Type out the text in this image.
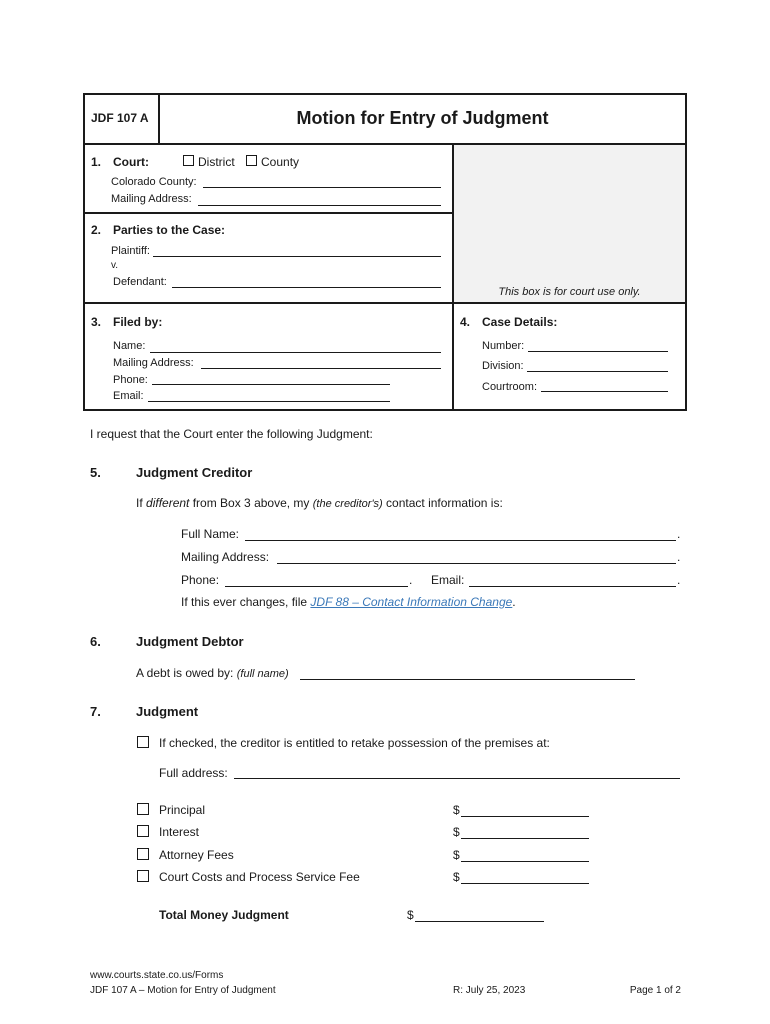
JDF 107 A	Motion for Entry of Judgment
1. Court:	District County
Colorado County:
Mailing Address:
2. Parties to the Case:
Plaintiff:
v.
Defendant:
This box is for court use only.
3. Filed by:
Name:
Mailing Address:
Phone:
Email:
4. Case Details:
Number:
Division:
Courtroom:
I request that the Court enter the following Judgment:
5.	Judgment Creditor
If different from Box 3 above, my (the creditor's) contact information is:
Full Name:	.
Mailing Address:	.
Phone:	. Email:	.
If this ever changes, file JDF 88 – Contact Information Change.
6.	Judgment Debtor
A debt is owed by: (full name)
7.	Judgment
If checked, the creditor is entitled to retake possession of the premises at:
Full address:
Principal	$
Interest	$
Attorney Fees	$
Court Costs and Process Service Fee	$
Total Money Judgment	$
www.courts.state.co.us/Forms
JDF 107 A – Motion for Entry of Judgment	R: July 25, 2023	Page 1 of 2
